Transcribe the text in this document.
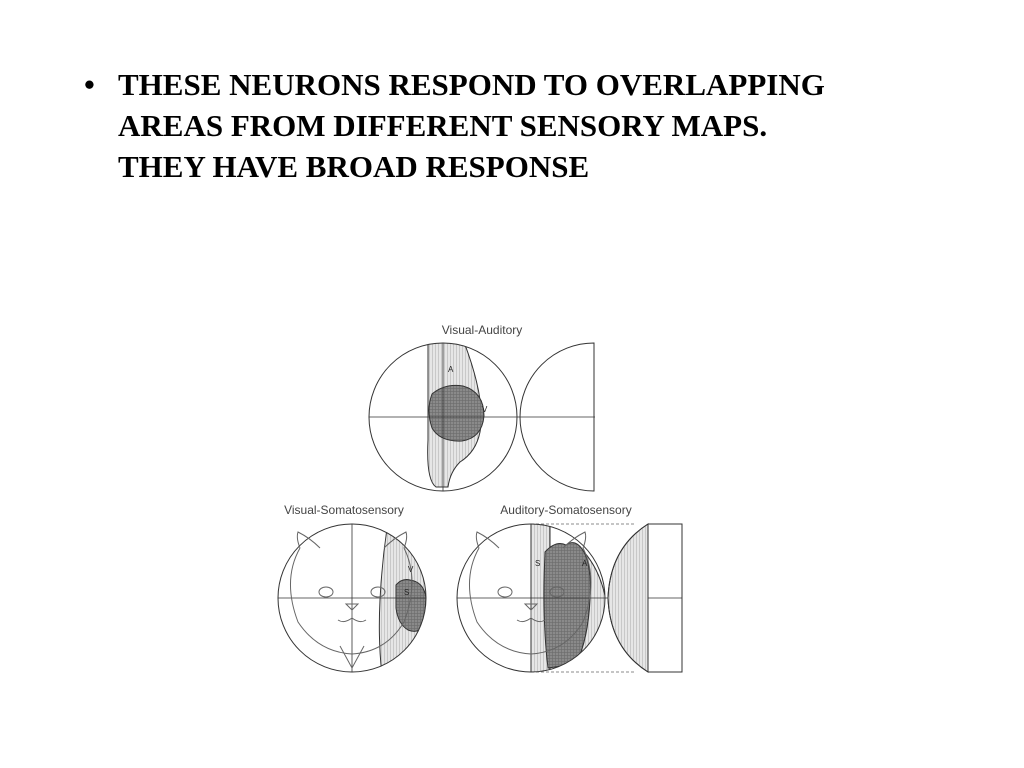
• THESE NEURONS RESPOND TO OVERLAPPING
AREAS FROM DIFFERENT SENSORY MAPS.
THEY HAVE BROAD RESPONSE
Visual-Auditory
A
V
Visual-Somatosensory
V
S
Auditory-Somatosensory
S	A
